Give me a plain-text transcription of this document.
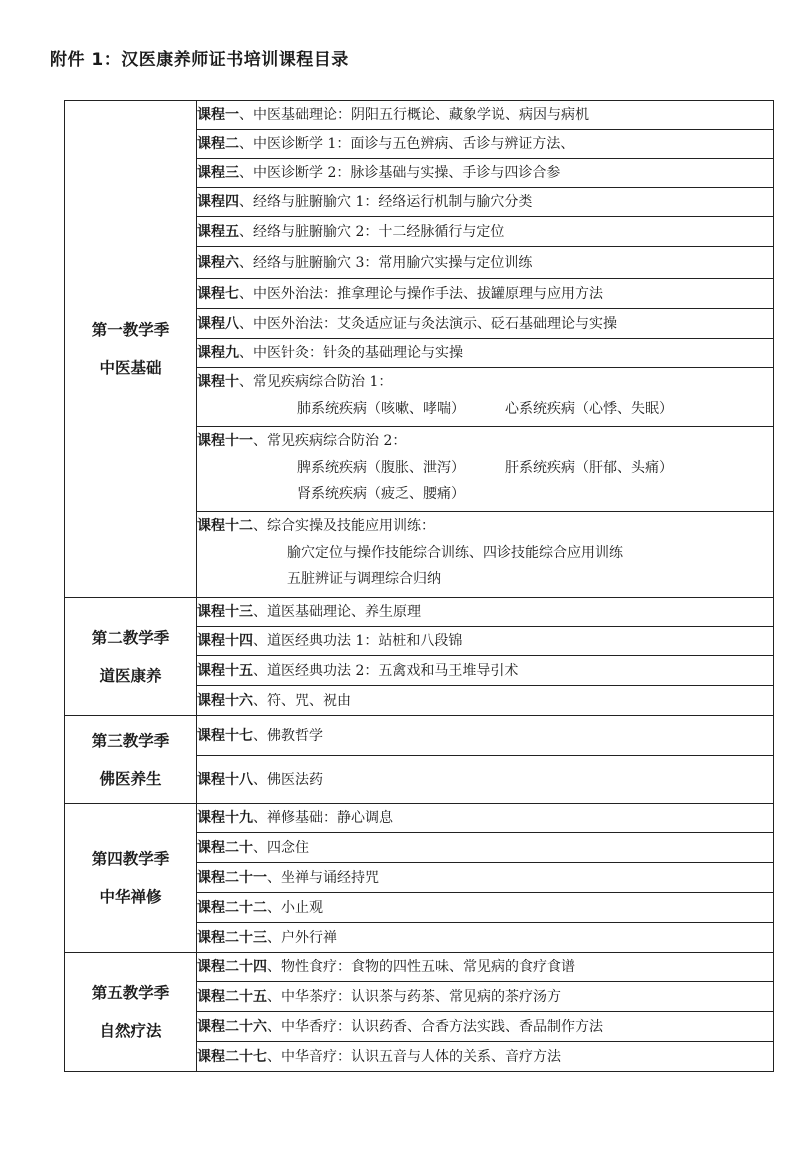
附件 1：汉医康养师证书培训课程目录
第一教学季
中医基础	课程一、中医基础理论：阴阳五行概论、藏象学说、病因与病机

	课程二、中医诊断学 1：面诊与五色辨病、舌诊与辨证方法、

	课程三、中医诊断学 2：脉诊基础与实操、手诊与四诊合参

	课程四、经络与脏腑腧穴 1：经络运行机制与腧穴分类

	课程五、经络与脏腑腧穴 2：十二经脉循行与定位

	课程六、经络与脏腑腧穴 3：常用腧穴实操与定位训练

	课程七、中医外治法：推拿理论与操作手法、拔罐原理与应用方法

	课程八、中医外治法：艾灸适应证与灸法演示、砭石基础理论与实操

	课程九、中医针灸：针灸的基础理论与实操

	课程十、常见疾病综合防治 1：
肺系统疾病（咳嗽、哮喘） 心系统疾病（心悸、失眠）

	课程十一、常见疾病综合防治 2：
脾系统疾病（腹胀、泄泻） 肝系统疾病（肝郁、头痛）
肾系统疾病（疲乏、腰痛）

	课程十二、综合实操及技能应用训练：
腧穴定位与操作技能综合训练、四诊技能综合应用训练
五脏辨证与调理综合归纳

第二教学季
道医康养	课程十三、道医基础理论、养生原理

	课程十四、道医经典功法 1：站桩和八段锦

	课程十五、道医经典功法 2：五禽戏和马王堆导引术

	课程十六、符、咒、祝由

第三教学季
佛医养生	课程十七、佛教哲学

	课程十八、佛医法药

第四教学季
中华禅修	课程十九、禅修基础：静心调息

	课程二十、四念住

	课程二十一、坐禅与诵经持咒

	课程二十二、小止观

	课程二十三、户外行禅

第五教学季
自然疗法	课程二十四、物性食疗：食物的四性五味、常见病的食疗食谱

	课程二十五、中华茶疗：认识茶与药茶、常见病的茶疗汤方

	课程二十六、中华香疗：认识药香、合香方法实践、香品制作方法

	课程二十七、中华音疗：认识五音与人体的关系、音疗方法
